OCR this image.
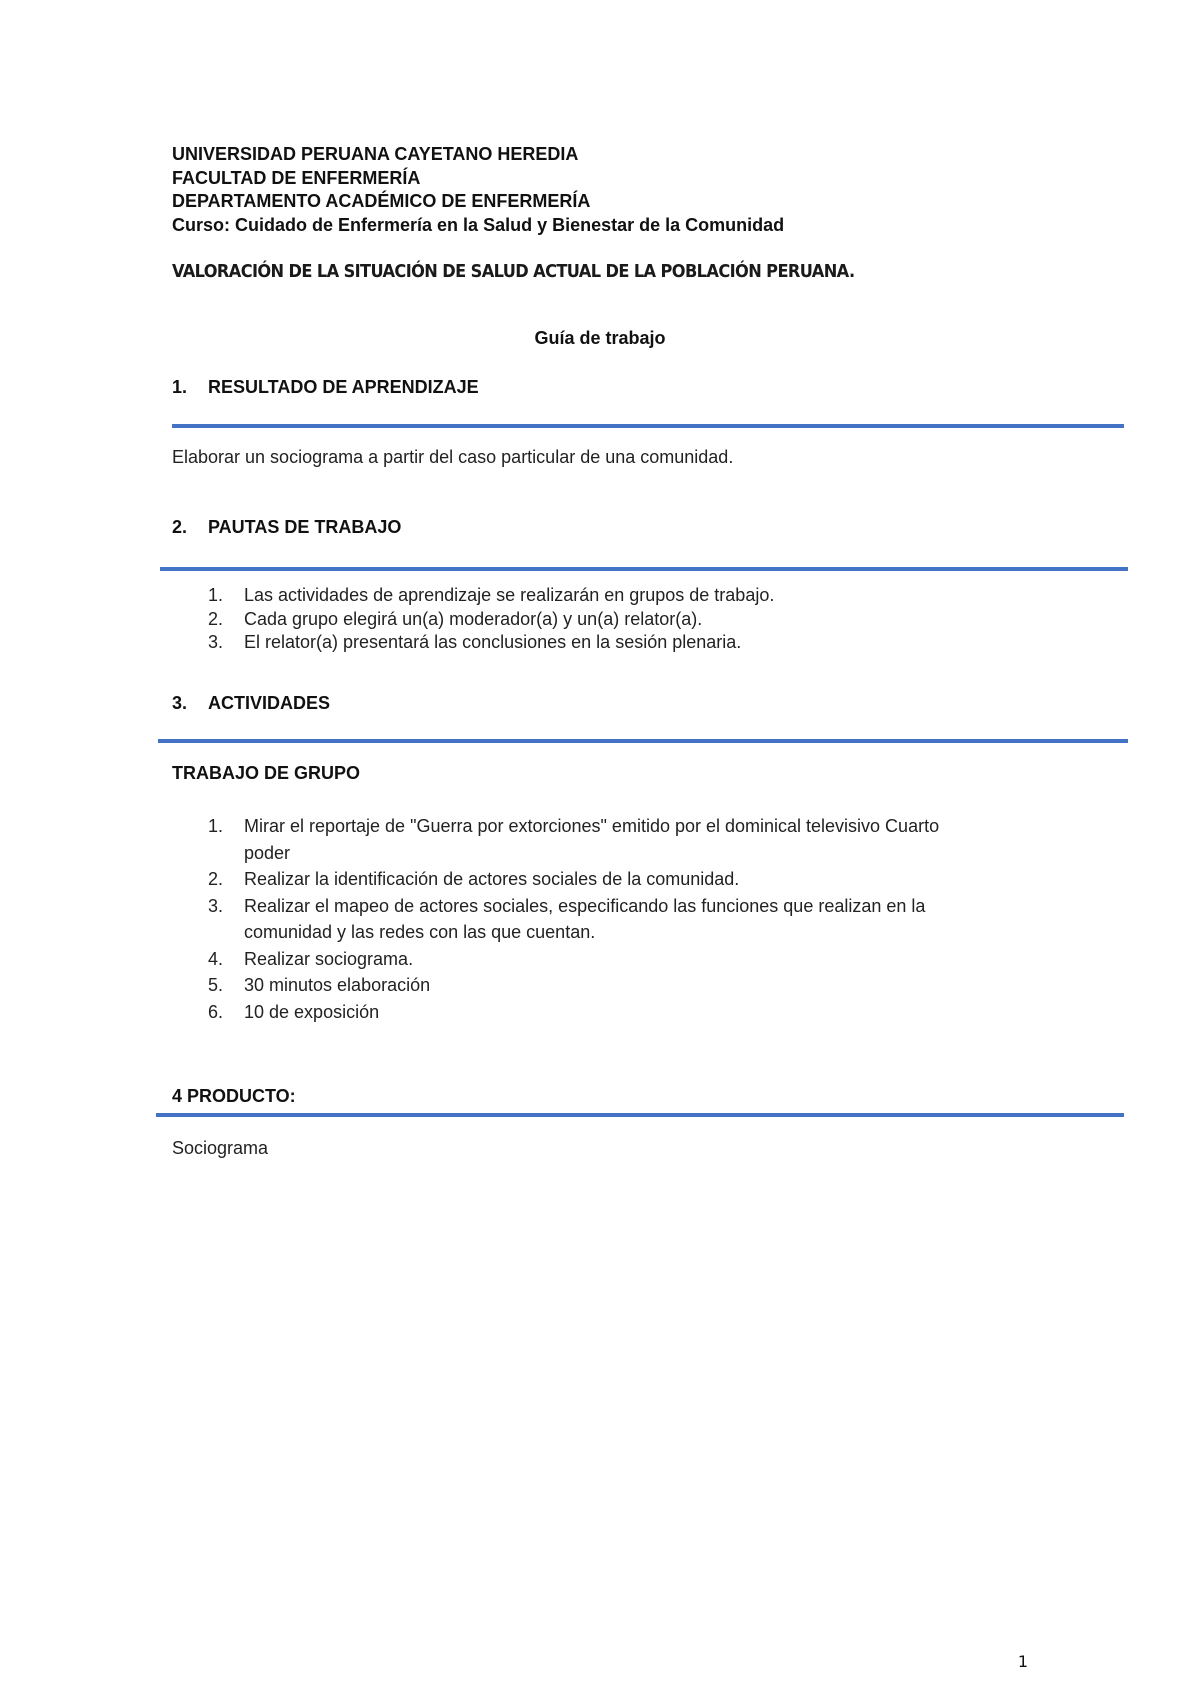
UNIVERSIDAD PERUANA CAYETANO HEREDIA
FACULTAD DE ENFERMERÍA
DEPARTAMENTO ACADÉMICO DE ENFERMERÍA
Curso: Cuidado de Enfermería en la Salud y Bienestar de la Comunidad
VALORACIÓN DE LA SITUACIÓN DE SALUD ACTUAL DE LA POBLACIÓN PERUANA.
Guía de trabajo
1. RESULTADO DE APRENDIZAJE
Elaborar un sociograma a partir del caso particular de una comunidad.
2. PAUTAS DE TRABAJO
1. Las actividades de aprendizaje se realizarán en grupos de trabajo.
2. Cada grupo elegirá un(a) moderador(a) y un(a) relator(a).
3. El relator(a) presentará las conclusiones en la sesión plenaria.
3. ACTIVIDADES
TRABAJO DE GRUPO
1. Mirar el reportaje de "Guerra por extorciones" emitido por el dominical televisivo Cuarto
poder
2. Realizar la identificación de actores sociales de la comunidad.
3. Realizar el mapeo de actores sociales, especificando las funciones que realizan en la
comunidad y las redes con las que cuentan.
4. Realizar sociograma.
5. 30 minutos elaboración
6. 10 de exposición
4 PRODUCTO:
Sociograma
1
